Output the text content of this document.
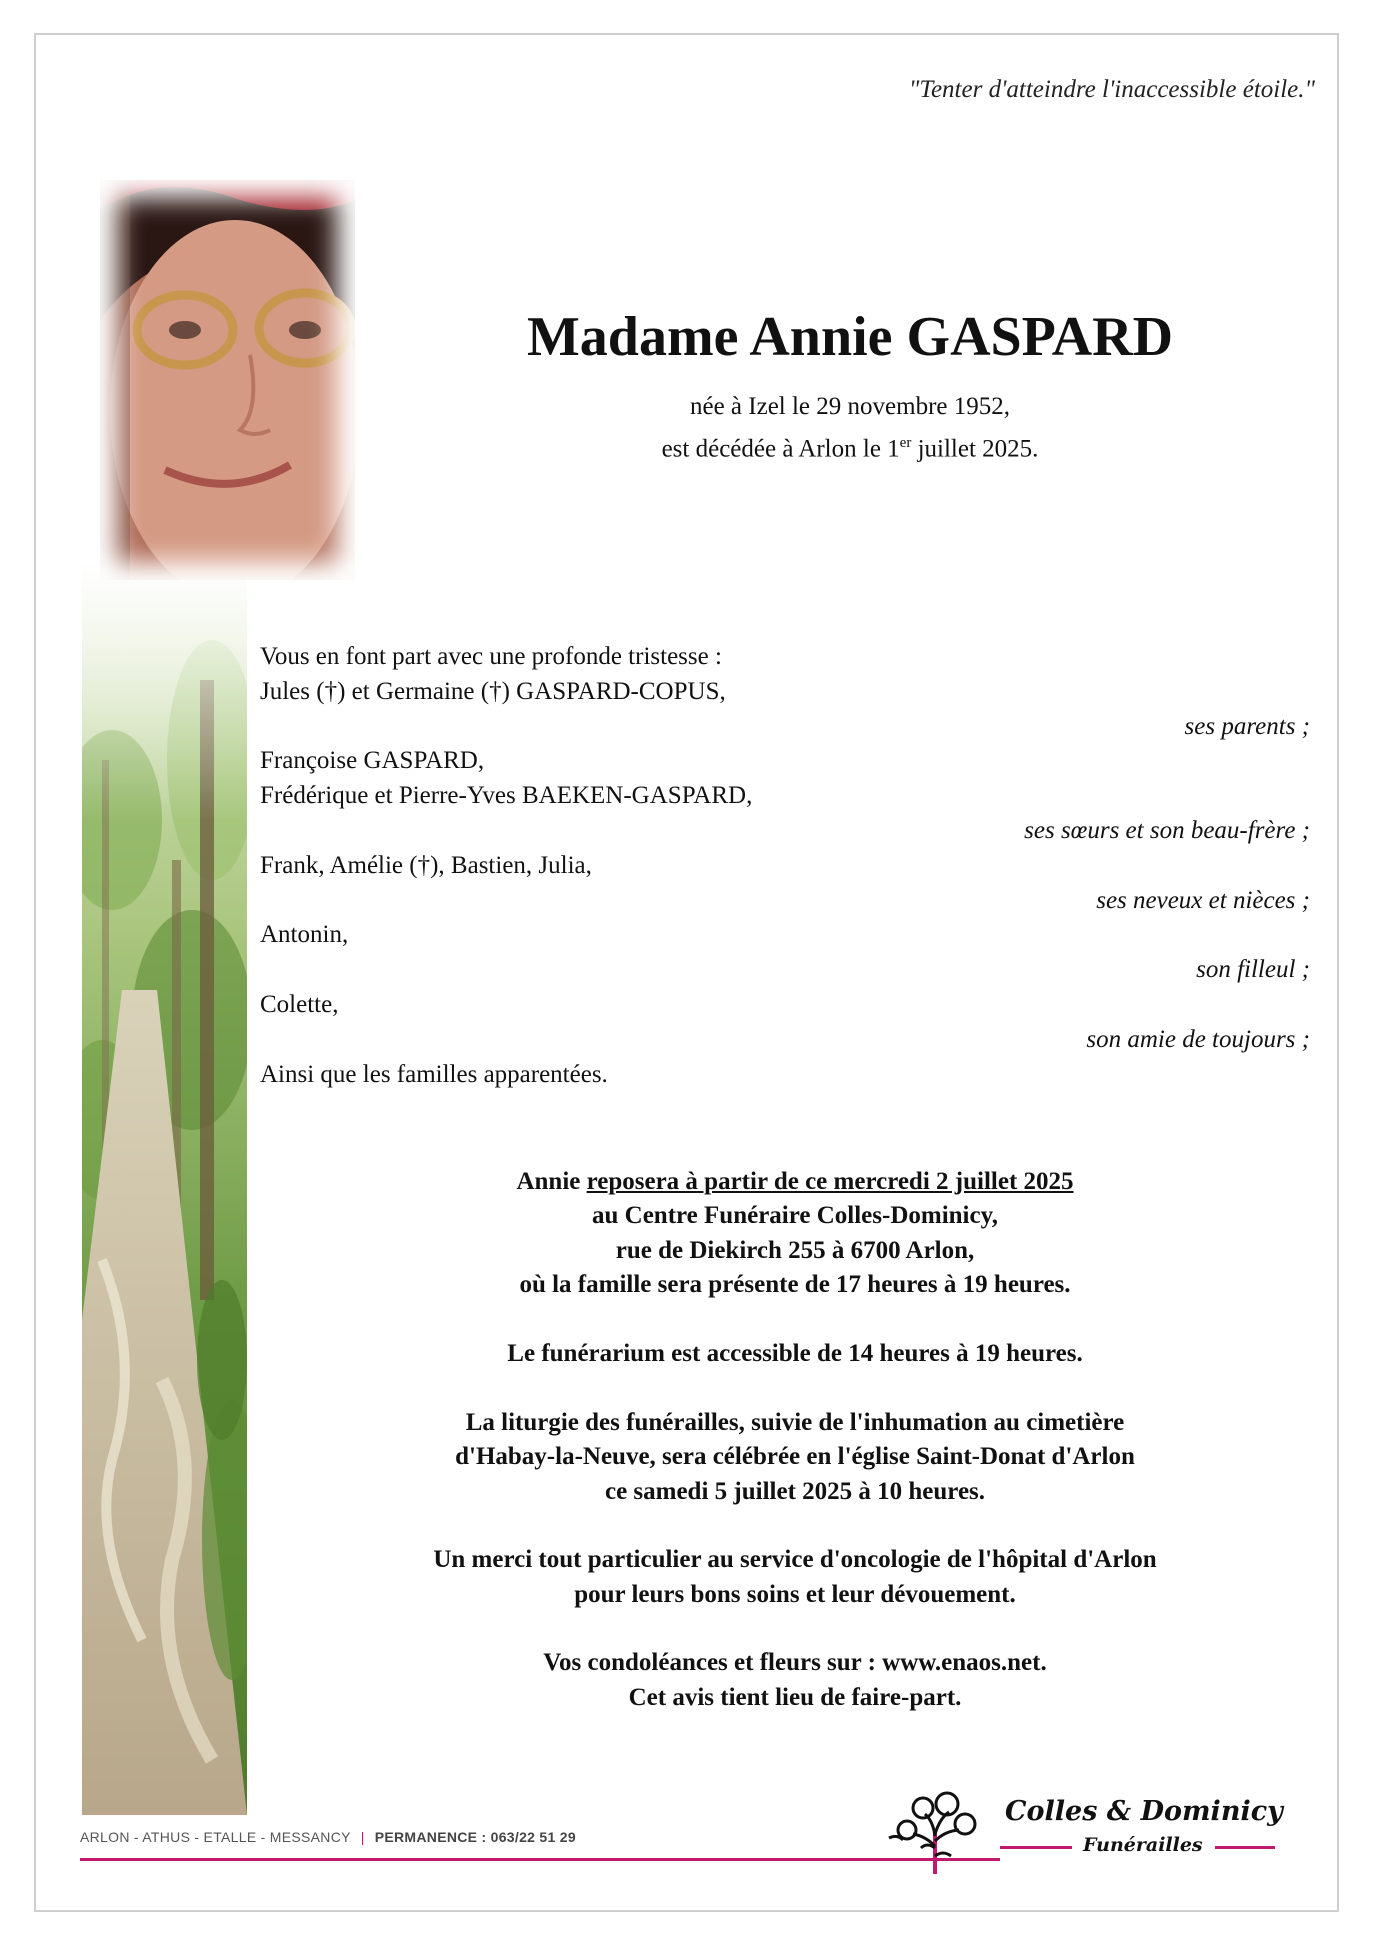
"Tenter d'atteindre l'inaccessible étoile."
Madame Annie GASPARD
née à Izel le 29 novembre 1952,
est décédée à Arlon le 1er juillet 2025.
Vous en font part avec une profonde tristesse :
Jules (†) et Germaine (†) GASPARD-COPUS,
ses parents ;
Françoise GASPARD,
Frédérique et Pierre-Yves BAEKEN-GASPARD,
ses sœurs et son beau-frère ;
Frank, Amélie (†), Bastien, Julia,
ses neveux et nièces ;
Antonin,
son filleul ;
Colette,
son amie de toujours ;
Ainsi que les familles apparentées.
Annie reposera à partir de ce mercredi 2 juillet 2025
au Centre Funéraire Colles-Dominicy,
rue de Diekirch 255 à 6700 Arlon,
où la famille sera présente de 17 heures à 19 heures.
Le funérarium est accessible de 14 heures à 19 heures.
La liturgie des funérailles, suivie de l'inhumation au cimetière
d'Habay-la-Neuve, sera célébrée en l'église Saint-Donat d'Arlon
ce samedi 5 juillet 2025 à 10 heures.
Un merci tout particulier au service d'oncologie de l'hôpital d'Arlon
pour leurs bons soins et leur dévouement.
Vos condoléances et fleurs sur : www.enaos.net.
Cet avis tient lieu de faire-part.
ARLON - ATHUS - ETALLE - MESSANCY | PERMANENCE : 063/22 51 29
Colles & Dominicy
Funérailles
